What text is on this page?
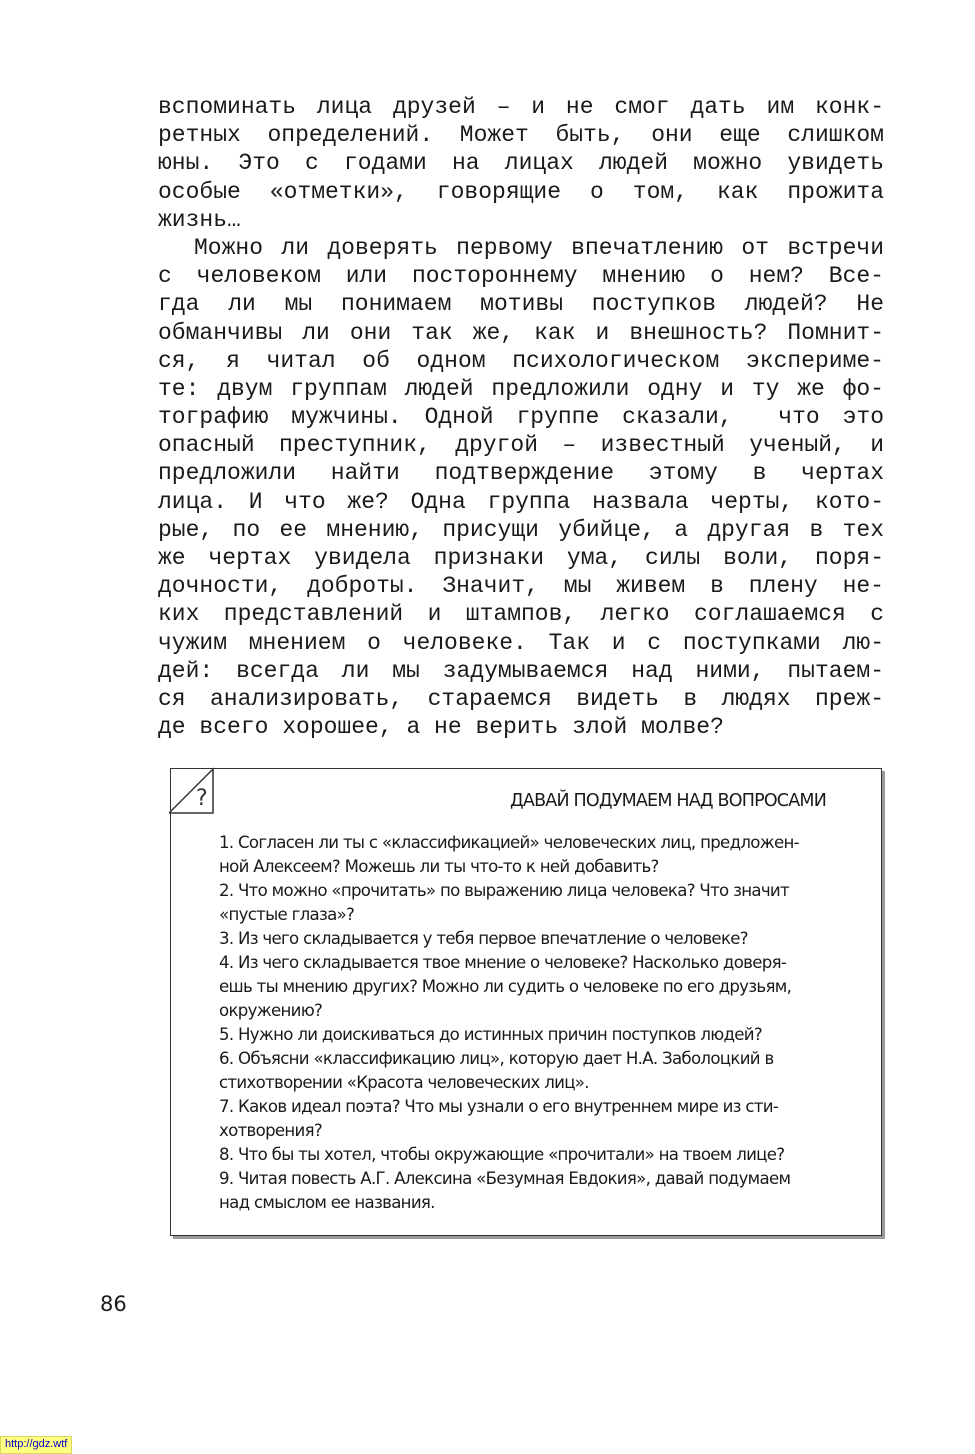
вспоминать лица друзей – и не смог дать им конк-
ретных определений. Может быть, они еще слишком
юны. Это с годами на лицах людей можно увидеть
особые «отметки», говорящие о том, как прожита
жизнь…
Можно ли доверять первому впечатлению от встречи
с человеком или постороннему мнению о нем? Все-
гда ли мы понимаем мотивы поступков людей? Не
обманчивы ли они так же, как и внешность? Помнит-
ся, я читал об одном психологическом экспериме-
те: двум группам людей предложили одну и ту же фо-
тографию мужчины. Одной группе сказали,  что это
опасный преступник, другой – известный ученый, и
предложили найти подтверждение этому в чертах
лица. И что же? Одна группа назвала черты, кото-
рые, по ее мнению, присущи убийце, а другая в тех
же чертах увидела признаки ума, силы воли, поря-
дочности, доброты. Значит, мы живем в плену не-
ких представлений и штампов, легко соглашаемся с
чужим мнением о человеке. Так и с поступками лю-
дей: всегда ли мы задумываемся над ними, пытаем-
ся анализировать, стараемся видеть в людях преж-
де всего хорошее, а не верить злой молве?
?	ДАВАЙ ПОДУМАЕМ НАД ВОПРОСАМИ
1. Согласен ли ты с «классификацией» человеческих лиц, предложен-
ной Алексеем? Можешь ли ты что-то к ней добавить?
2. Что можно «прочитать» по выражению лица человека? Что значит
«пустые глаза»?
3. Из чего складывается у тебя первое впечатление о человеке?
4. Из чего складывается твое мнение о человеке? Насколько доверя-
ешь ты мнению других? Можно ли судить о человеке по его друзьям,
окружению?
5. Нужно ли доискиваться до истинных причин поступков людей?
6. Объясни «классификацию лиц», которую дает Н.А. Заболоцкий в
стихотворении «Красота человеческих лиц».
7. Каков идеал поэта? Что мы узнали о его внутреннем мире из сти-
хотворения?
8. Что бы ты хотел, чтобы окружающие «прочитали» на твоем лице?
9. Читая повесть А.Г. Алексина «Безумная Евдокия», давай подумаем
над смыслом ее названия.
86
http://gdz.wtf
